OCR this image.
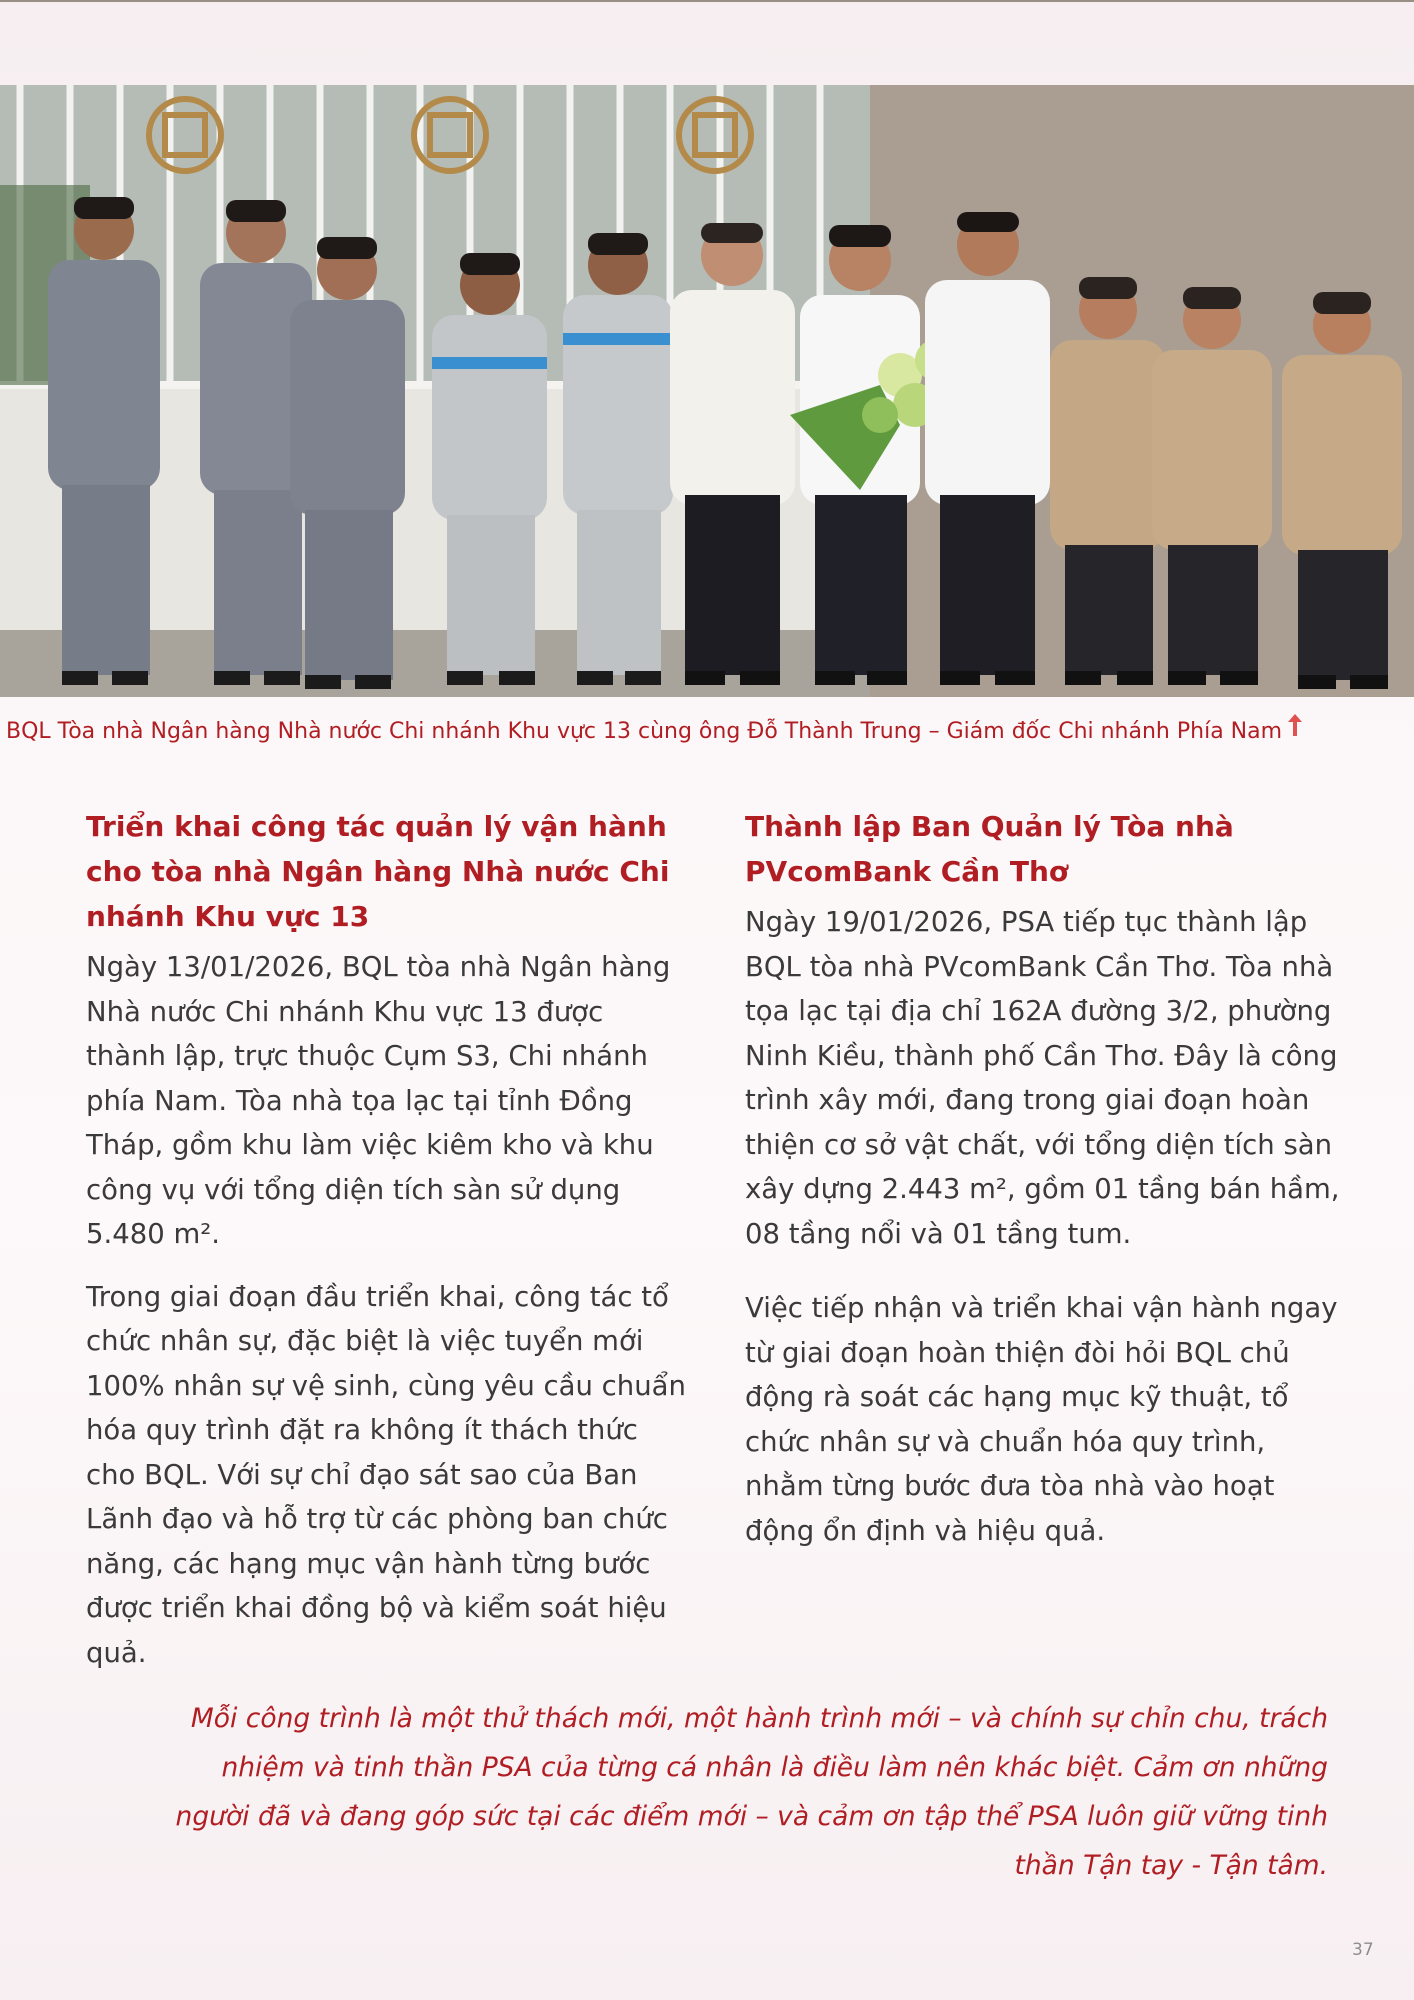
BQL Tòa nhà Ngân hàng Nhà nước Chi nhánh Khu vực 13 cùng ông Đỗ Thành Trung – Giám đốc Chi nhánh Phía Nam
Triển khai công tác quản lý vận hành cho tòa nhà Ngân hàng Nhà nước Chi nhánh Khu vực 13

Ngày 13/01/2026, BQL tòa nhà Ngân hàng Nhà nước Chi nhánh Khu vực 13 được thành lập, trực thuộc Cụm S3, Chi nhánh phía Nam. Tòa nhà tọa lạc tại tỉnh Đồng Tháp, gồm khu làm việc kiêm kho và khu công vụ với tổng diện tích sàn sử dụng 5.480 m².

Trong giai đoạn đầu triển khai, công tác tổ chức nhân sự, đặc biệt là việc tuyển mới 100% nhân sự vệ sinh, cùng yêu cầu chuẩn hóa quy trình đặt ra không ít thách thức cho BQL. Với sự chỉ đạo sát sao của Ban Lãnh đạo và hỗ trợ từ các phòng ban chức năng, các hạng mục vận hành từng bước được triển khai đồng bộ và kiểm soát hiệu quả.

Thành lập Ban Quản lý Tòa nhà PVcomBank Cần Thơ

Ngày 19/01/2026, PSA tiếp tục thành lập BQL tòa nhà PVcomBank Cần Thơ. Tòa nhà tọa lạc tại địa chỉ 162A đường 3/2, phường Ninh Kiều, thành phố Cần Thơ. Đây là công trình xây mới, đang trong giai đoạn hoàn thiện cơ sở vật chất, với tổng diện tích sàn xây dựng 2.443 m², gồm 01 tầng bán hầm, 08 tầng nổi và 01 tầng tum.

Việc tiếp nhận và triển khai vận hành ngay từ giai đoạn hoàn thiện đòi hỏi BQL chủ động rà soát các hạng mục kỹ thuật, tổ chức nhân sự và chuẩn hóa quy trình, nhằm từng bước đưa tòa nhà vào hoạt động ổn định và hiệu quả.

Mỗi công trình là một thử thách mới, một hành trình mới – và chính sự chỉn chu, trách nhiệm và tinh thần PSA của từng cá nhân là điều làm nên khác biệt. Cảm ơn những người đã và đang góp sức tại các điểm mới – và cảm ơn tập thể PSA luôn giữ vững tinh thần Tận tay - Tận tâm.

37
